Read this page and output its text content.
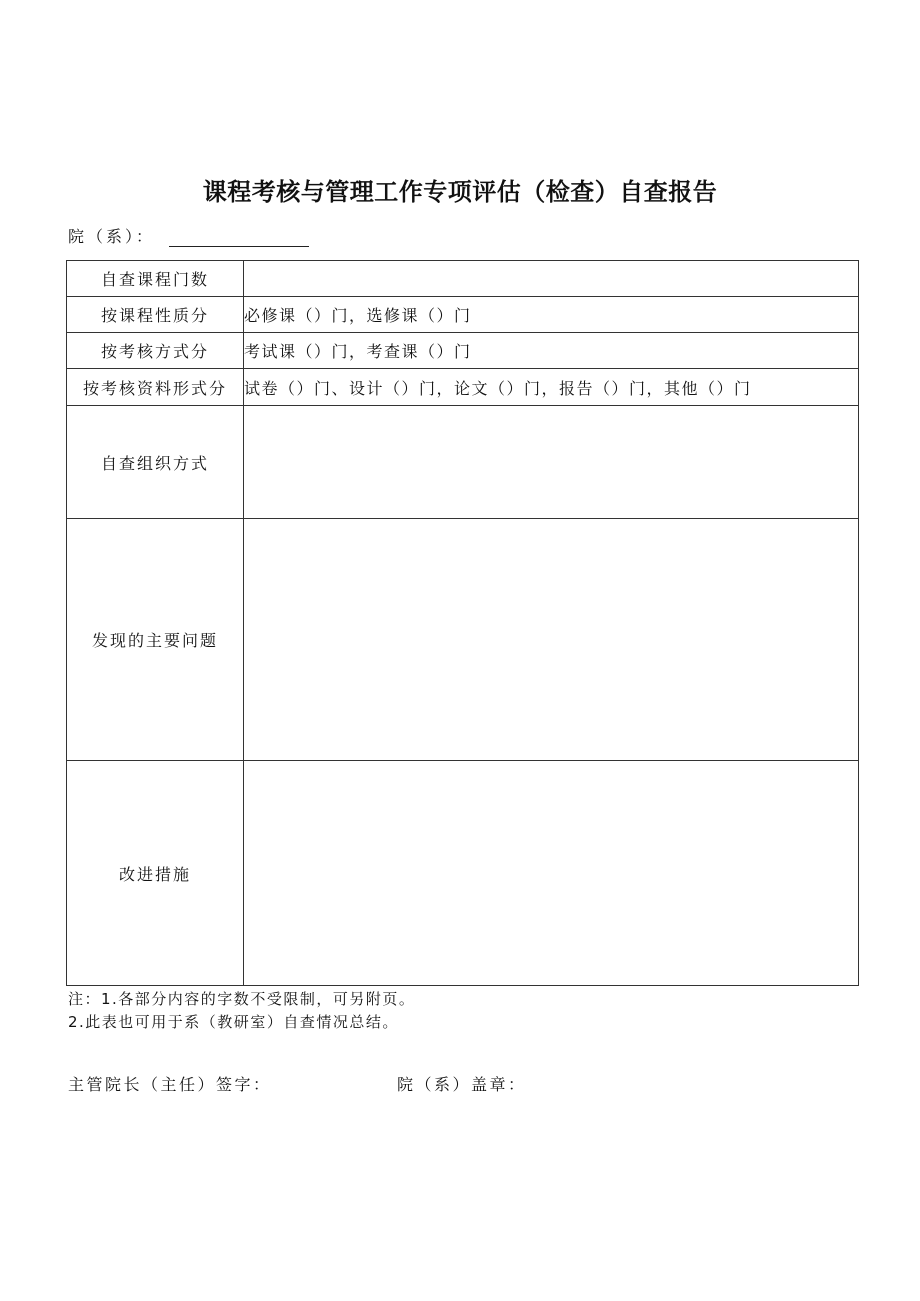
课程考核与管理工作专项评估（检查）自查报告
院（系）：
自查课程门数	
按课程性质分	必修课（）门，选修课（）门
按考核方式分	考试课（）门，考查课（）门
按考核资料形式分	试卷（）门、设计（）门，论文（）门，报告（）门，其他（）门
自查组织方式	
发现的主要问题	
改进措施	
注：1.各部分内容的字数不受限制，可另附页。
2.此表也可用于系（教研室）自查情况总结。
主管院长（主任）签字：	院（系）盖章：
